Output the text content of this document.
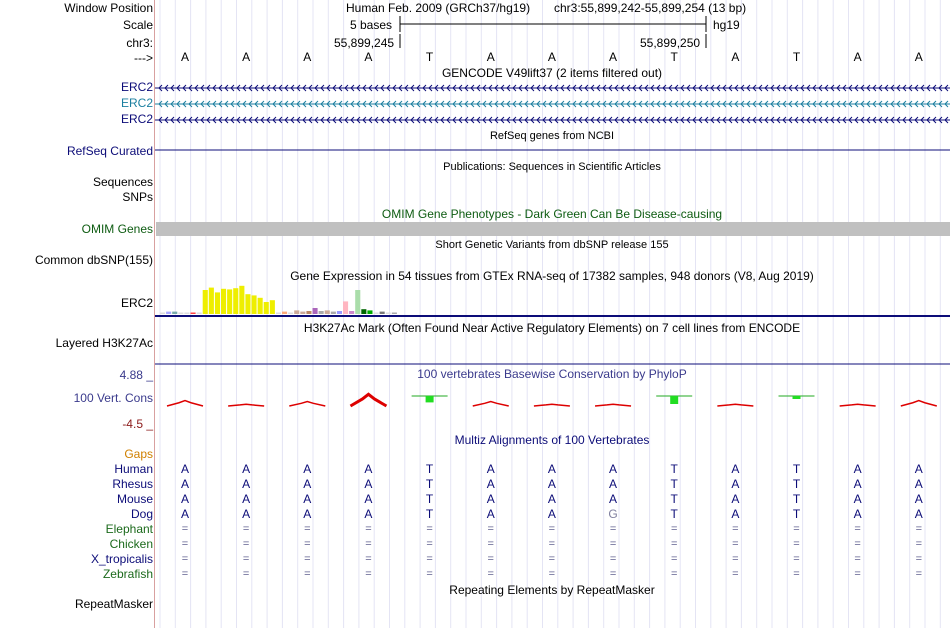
Window Position
Scale
chr3:
--->
Human Feb. 2009 (GRCh37/hg19) chr3:55,899,242-55,899,254 (13 bp)
5 bases	hg19
55,899,245	55,899,250
A	A	A	A	T	A	A	A	T	A	T	A	A
GENCODE V49lift37 (2 items filtered out)
ERC2
ERC2
ERC2
RefSeq genes from NCBI
RefSeq Curated
Publications: Sequences in Scientific Articles
Sequences
SNPs
OMIM Gene Phenotypes - Dark Green Can Be Disease-causing
OMIM Genes
Short Genetic Variants from dbSNP release 155
Common dbSNP(155)
Gene Expression in 54 tissues from GTEx RNA-seq of 17382 samples, 948 donors (V8, Aug 2019)
ERC2
H3K27Ac Mark (Often Found Near Active Regulatory Elements) on 7 cell lines from ENCODE
Layered H3K27Ac
100 vertebrates Basewise Conservation by PhyloP
4.88 _
100 Vert. Cons
-4.5 _
Multiz Alignments of 100 Vertebrates
Gaps
Human	A	A	A	A	T	A	A	A	T	A	T	A	A
Rhesus	A	A	A	A	T	A	A	A	T	A	T	A	A
Mouse	A	A	A	A	T	A	A	A	T	A	T	A	A
Dog	A	A	A	A	T	A	A	G	T	A	T	A	A
Elephant	=	=	=	=	=	=	=	=	=	=	=	=	=
Chicken	=	=	=	=	=	=	=	=	=	=	=	=	=
X_tropicalis	=	=	=	=	=	=	=	=	=	=	=	=	=
Zebrafish	=	=	=	=	=	=	=	=	=	=	=	=	=
Repeating Elements by RepeatMasker
RepeatMasker
